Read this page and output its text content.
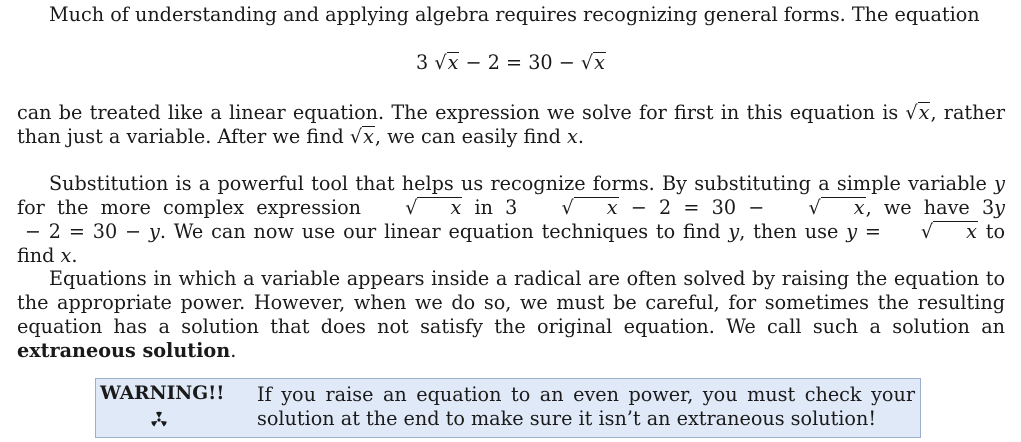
Much of understanding and applying algebra requires recognizing general forms. The equation

3 √x − 2 = 30 − √x

can be treated like a linear equation. The expression we solve for first in this equation is √x, rather than just a variable. After we find √x, we can easily find x.

Substitution is a powerful tool that helps us recognize forms. By substituting a simple variable y for the more complex expression √ x in 3 √ x − 2 = 30 − √ x, we have 3y − 2 = 30 − y. We can now use our linear equation techniques to find y, then use y = √ x to find x.

Equations in which a variable appears inside a radical are often solved by raising the equation to the appropriate power. However, when we do so, we must be careful, for sometimes the resulting equation has a solution that does not satisfy the original equation. We call such a solution an extraneous solution.

WARNING!! If you raise an equation to an even power, you must check your solution at the end to make sure it isn’t an extraneous solution!
